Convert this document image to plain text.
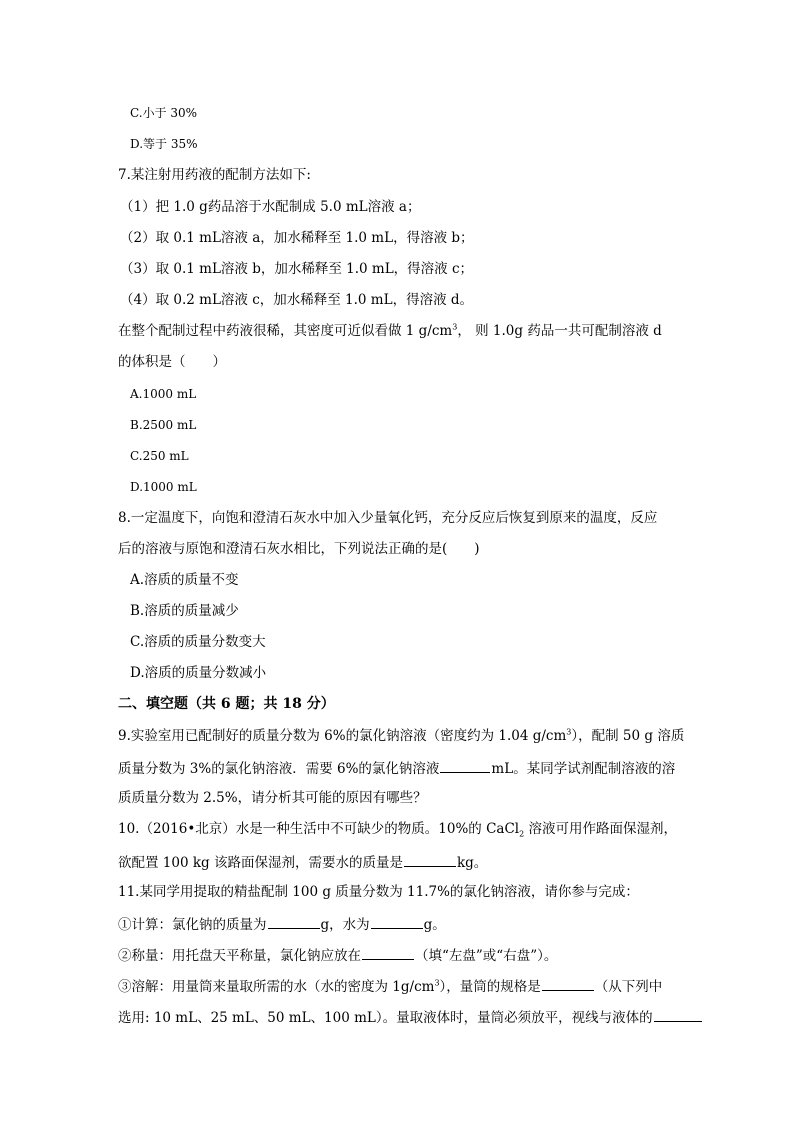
C.小于 30%
D.等于 35%
7.某注射用药液的配制方法如下:
（1）把 1.0 g药品溶于水配制成 5.0 mL溶液 a；
（2）取 0.1 mL溶液 a，加水稀释至 1.0 mL，得溶液 b；
（3）取 0.1 mL溶液 b，加水稀释至 1.0 mL，得溶液 c；
（4）取 0.2 mL溶液 c，加水稀释至 1.0 mL，得溶液 d。
在整个配制过程中药液很稀，其密度可近似看做 1 $g/cm^3$， 则 1.0g 药品一共可配制溶液 d
的体积是（　　）
A.1000 mL
B.2500 mL
C.250 mL
D.1000 mL
8.一定温度下，向饱和澄清石灰水中加入少量氧化钙，充分反应后恢复到原来的温度，反应
后的溶液与原饱和澄清石灰水相比，下列说法正确的是(　　)
A.溶质的质量不变
B.溶质的质量减少
C.溶质的质量分数变大
D.溶质的质量分数减小
二、填空题（共 6 题；共 18 分）
9.实验室用已配制好的质量分数为 6%的氯化钠溶液（密度约为 1.04 $g/cm^3$），配制 50 g 溶质
质量分数为 3%的氯化钠溶液．需要 6%的氯化钠溶液	mL。某同学试剂配制溶液的溶
质质量分数为 2.5%，请分析其可能的原因有哪些？
10.（2016•北京）水是一种生活中不可缺少的物质。10%的 CaCl$_2$ 溶液可用作路面保湿剂，
欲配置 100 kg 该路面保湿剂，需要水的质量是	kg。
11.某同学用提取的精盐配制 100 g 质量分数为 11.7%的氯化钠溶液，请你参与完成：
①计算：氯化钠的质量为	g，水为	g。
②称量：用托盘天平称量，氯化钠应放在	（填“左盘”或“右盘”）。
③溶解：用量筒来量取所需的水（水的密度为 $1g/cm^3$），量筒的规格是	（从下列中
选用: 10 mL、25 mL、50 mL、100 mL）。量取液体时，量筒必须放平，视线与液体的
